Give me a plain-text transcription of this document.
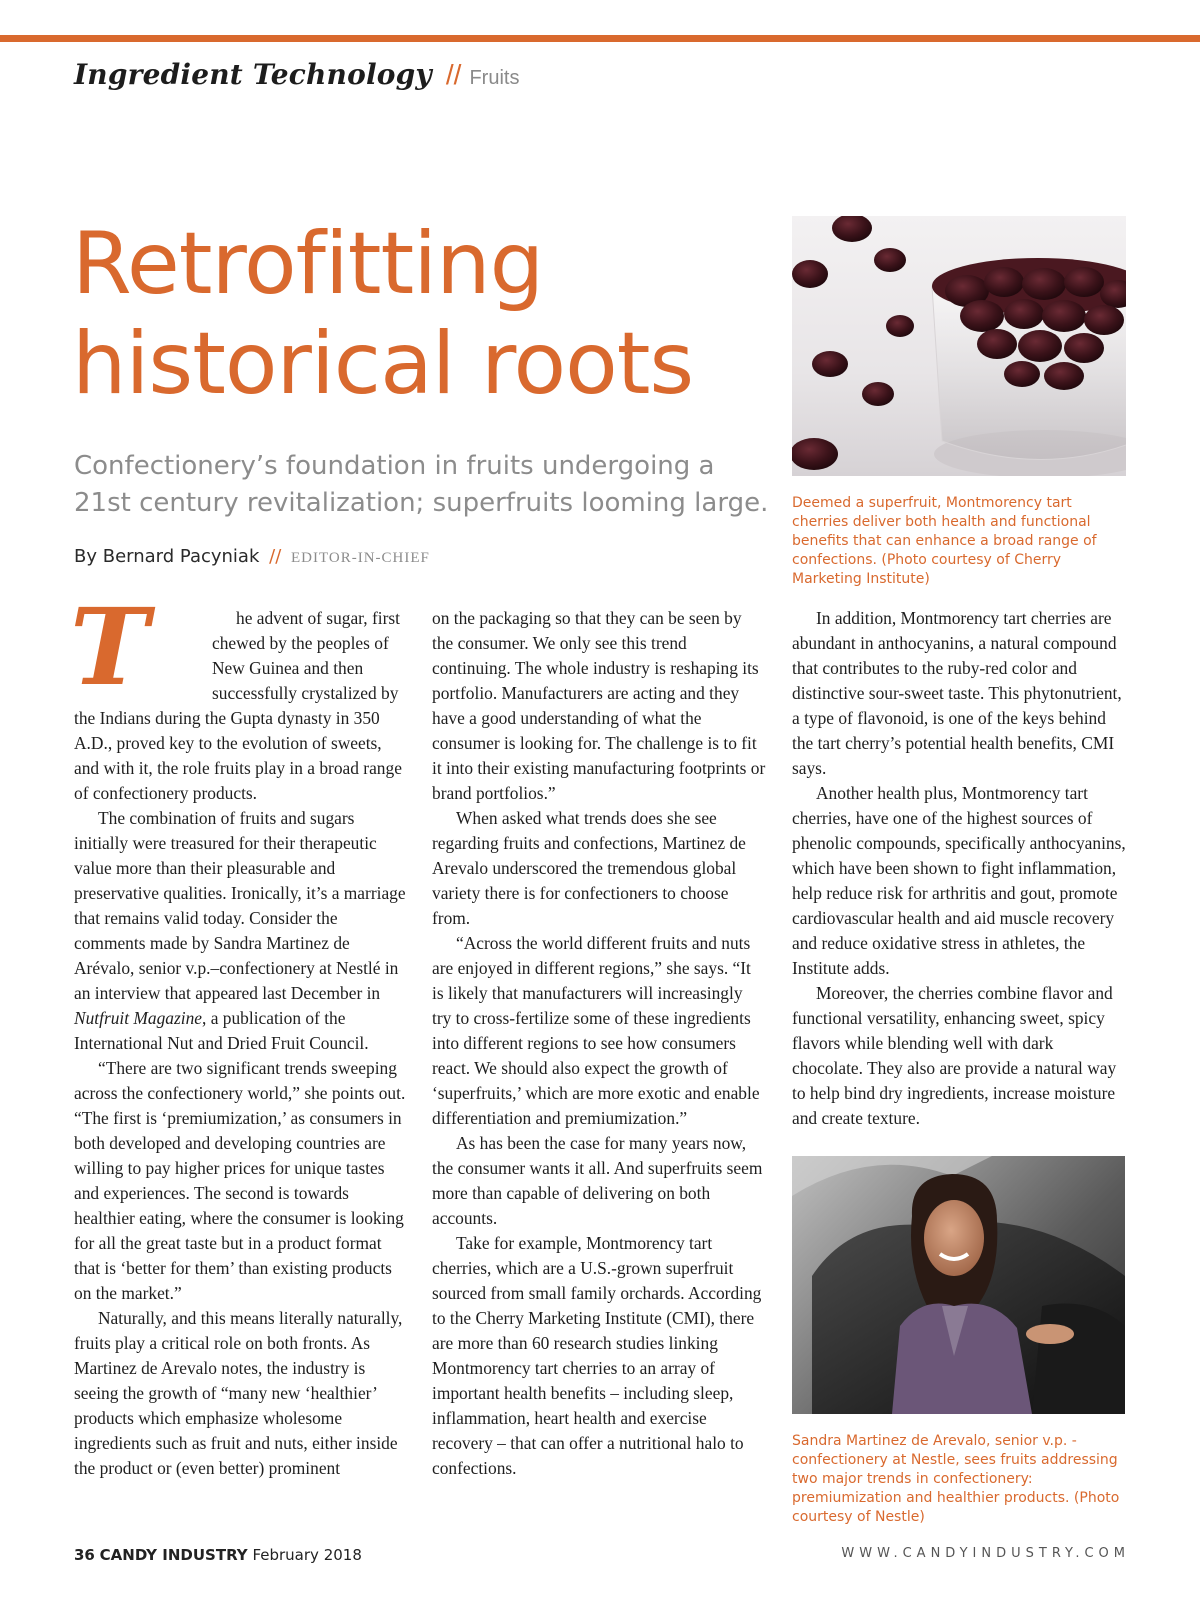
Ingredient Technology // Fruits
Retrofitting historical roots

Confectionery’s foundation in fruits undergoing a 21st century revitalization; superfruits looming large.

By Bernard Pacyniak // EDITOR-IN-CHIEF

Deemed a superfruit, Montmorency tart cherries deliver both health and functional benefits that can enhance a broad range of confections. (Photo courtesy of Cherry Marketing Institute)

Sandra Martinez de Arevalo, senior v.p. -confectionery at Nestle, sees fruits addressing two major trends in confectionery: premiumization and healthier products. (Photo courtesy of Nestle)

T	he advent of sugar, first chewed by the peoples of New Guinea and then successfully crystalized by the Indians during the Gupta dynasty in 350 A.D., proved key to the evolution of sweets, and with it, the role fruits play in a broad range of confectionery products.

The combination of fruits and sugars initially were treasured for their therapeutic value more than their pleasurable and preservative qualities. Ironically, it’s a marriage that remains valid today. Consider the comments made by Sandra Martinez de Arévalo, senior v.p.–confectionery at Nestlé in an interview that appeared last December in Nutfruit Magazine, a publication of the International Nut and Dried Fruit Council.

“There are two significant trends sweeping across the confectionery world,” she points out. “The first is ‘premiumization,’ as consumers in both developed and developing countries are willing to pay higher prices for unique tastes and experiences. The second is towards healthier eating, where the consumer is looking for all the great taste but in a product format that is ‘better for them’ than existing products on the market.”

Naturally, and this means literally naturally, fruits play a critical role on both fronts. As Martinez de Arevalo notes, the industry is seeing the growth of “many new ‘healthier’ products which emphasize wholesome ingredients such as fruit and nuts, either inside the product or (even better) prominent

on the packaging so that they can be seen by the consumer. We only see this trend continuing. The whole industry is reshaping its portfolio. Manufacturers are acting and they have a good understanding of what the consumer is looking for. The challenge is to fit it into their existing manufacturing footprints or brand portfolios.”

When asked what trends does she see regarding fruits and confections, Martinez de Arevalo underscored the tremendous global variety there is for confectioners to choose from.

“Across the world different fruits and nuts are enjoyed in different regions,” she says. “It is likely that manufacturers will increasingly try to cross-fertilize some of these ingredients into different regions to see how consumers react. We should also expect the growth of ‘superfruits,’ which are more exotic and enable differentiation and premiumization.”

As has been the case for many years now, the consumer wants it all. And superfruits seem more than capable of delivering on both accounts.

Take for example, Montmorency tart cherries, which are a U.S.-grown superfruit sourced from small family orchards. According to the Cherry Marketing Institute (CMI), there are more than 60 research studies linking Montmorency tart cherries to an array of important health benefits – including sleep, inflammation, heart health and exercise recovery – that can offer a nutritional halo to confections.

In addition, Montmorency tart cherries are abundant in anthocyanins, a natural compound that contributes to the ruby-red color and distinctive sour-sweet taste. This phytonutrient, a type of flavonoid, is one of the keys behind the tart cherry’s potential health benefits, CMI says.

Another health plus, Montmorency tart cherries, have one of the highest sources of phenolic compounds, specifically anthocyanins, which have been shown to fight inflammation, help reduce risk for arthritis and gout, promote cardiovascular health and aid muscle recovery and reduce oxidative stress in athletes, the Institute adds.

Moreover, the cherries combine flavor and functional versatility, enhancing sweet, spicy flavors while blending well with dark chocolate. They also are provide a natural way to help bind dry ingredients, increase moisture and create texture.

36 CANDY INDUSTRY February 2018	WWW.CANDYINDUSTRY.COM
